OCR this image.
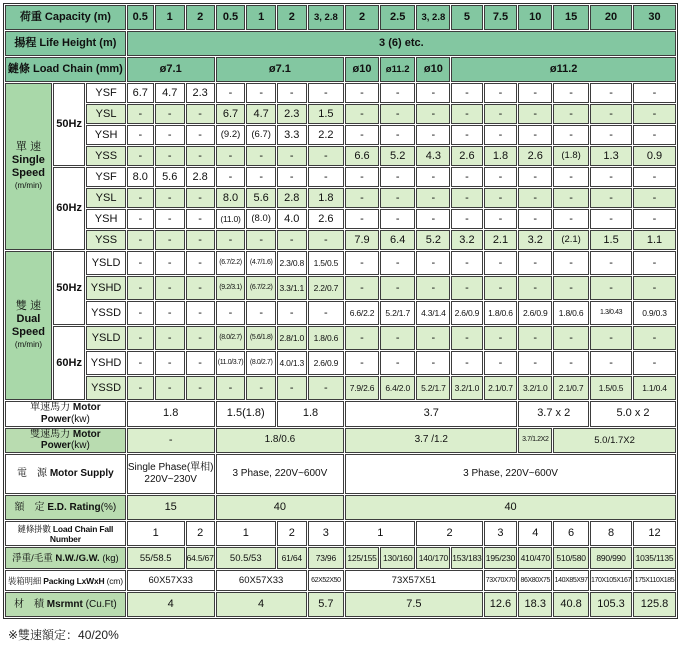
荷重 Capacity (m)			0.5	1	2	0.5	1	2	3, 2.8	2	2.5	3, 2.8	5	7.5	10	15	20	30
揚程 Life Height (m)			3 (6) etc.															
鏈條 Load Chain (mm)			ø7.1			ø7.1				ø10	ø11.2	ø10	ø11.2					
單 速
Single
Speed
(m/min)	50Hz	YSF	6.7	4.7	2.3	-	-	-	-	-	-	-	-	-	-	-	-	-
		YSL	-	-	-	6.7	4.7	2.3	1.5	-	-	-	-	-	-	-	-	-
		YSH	-	-	-	(9.2)	(6.7)	3.3	2.2	-	-	-	-	-	-	-	-	-
		YSS	-	-	-	-	-	-	-	6.6	5.2	4.3	2.6	1.8	2.6	(1.8)	1.3	0.9
	60Hz	YSF	8.0	5.6	2.8	-	-	-	-	-	-	-	-	-	-	-	-	-
		YSL	-	-	-	8.0	5.6	2.8	1.8	-	-	-	-	-	-	-	-	-
		YSH	-	-	-	(11.0)	(8.0)	4.0	2.6	-	-	-	-	-	-	-	-	-
		YSS	-	-	-	-	-	-	-	7.9	6.4	5.2	3.2	2.1	3.2	(2.1)	1.5	1.1
雙 速
Dual
Speed
(m/min)	50Hz	YSLD	-	-	-	(6.7/2.2)	(4.7/1.6)	2.3/0.8	1.5/0.5	-	-	-	-	-	-	-	-	-
		YSHD	-	-	-	(9.2/3.1)	(6.7/2.2)	3.3/1.1	2.2/0.7	-	-	-	-	-	-	-	-	-
		YSSD	-	-	-	-	-	-	-	6.6/2.2	5.2/1.7	4.3/1.4	2.6/0.9	1.8/0.6	2.6/0.9	1.8/0.6	1.3/0.43	0.9/0.3
	60Hz	YSLD	-	-	-	(8.0/2.7)	(5.6/1.8)	2.8/1.0	1.8/0.6	-	-	-	-	-	-	-	-	-
		YSHD	-	-	-	(11.0/3.7)	(8.0/2.7)	4.0/1.3	2.6/0.9	-	-	-	-	-	-	-	-	-
		YSSD	-	-	-	-	-	-	-	7.9/2.6	6.4/2.0	5.2/1.7	3.2/1.0	2.1/0.7	3.2/1.0	2.1/0.7	1.5/0.5	1.1/0.4
單速馬力 Motor Power(kw)			1.8			1.5(1.8)		1.8		3.7					3.7 x 2		5.0 x 2	
雙速馬力 Motor Power(kw)			-			1.8/0.6				3.7 /1.2					3.7/1.2X2	5.0/1.7X2		
電　源 Motor Supply			Single Phase(單相)
220V~230V			3 Phase, 220V~600V				3 Phase, 220V~600V								
額　定 E.D. Rating(%)			15			40				40								
鏈條掛數 Load Chain Fall Number			1		2	1		2	3	1		2		3	4	6	8	12
淨重/毛重 N.W./G.W. (kg)			55/58.5		64.5/67	50.5/53		61/64	73/96	125/155	130/160	140/170	153/183	195/230	410/470	510/580	890/990	1035/1135
裝箱明細 Packing LxWxH (cm)			60X57X33			60X57X33			62X52X50	73X57X51				73X70X70	86X80X75	140X85X97	170X105X167	175X110X185
材　積 Msrmnt (Cu.Ft)			4			4			5.7	7.5				12.6	18.3	40.8	105.3	125.8
※雙速額定：40/20%
